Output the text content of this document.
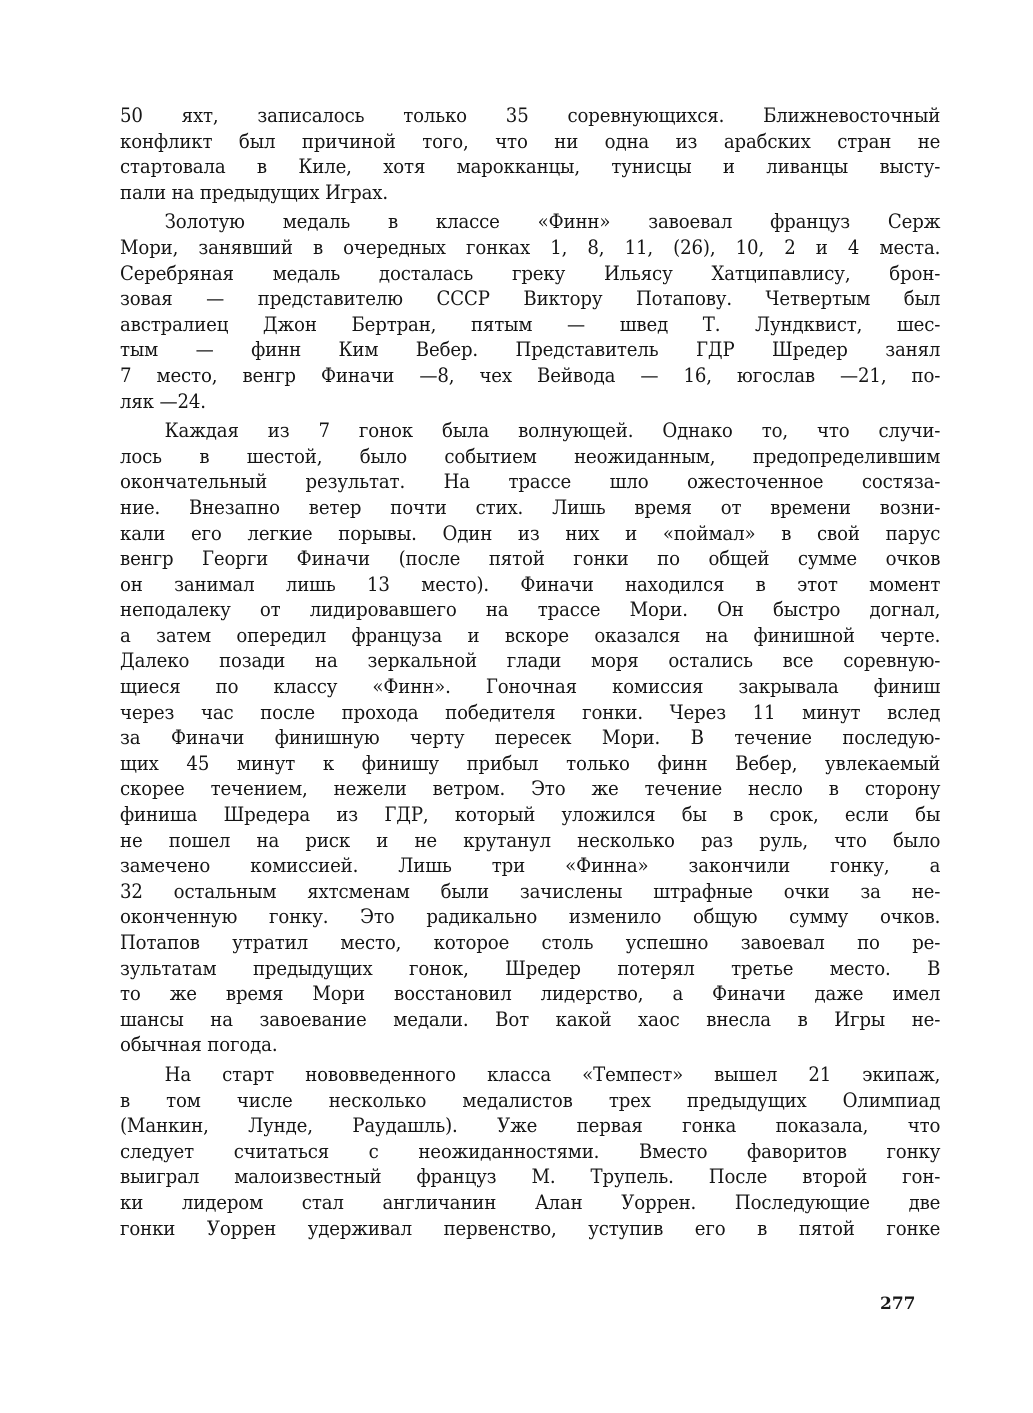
50 яхт, записалось только 35 соревнующихся. Ближневосточный
конфликт был причиной того, что ни одна из арабских стран не
стартовала в Киле, хотя марокканцы, тунисцы и ливанцы высту-
пали на предыдущих Играх.
Золотую медаль в классе «Финн» завоевал француз Серж
Мори, занявший в очередных гонках 1, 8, 11, (26), 10, 2 и 4 места.
Серебряная медаль досталась греку Ильясу Хатципавлису, брон-
зовая — представителю СССР Виктору Потапову. Четвертым был
австралиец Джон Бертран, пятым — швед Т. Лундквист, шес-
тым — финн Ким Вебер. Представитель ГДР Шредер занял
7 место, венгр Финачи —8, чех Вейвода — 16, югослав —21, по-
ляк —24.
Каждая из 7 гонок была волнующей. Однако то, что случи-
лось в шестой, было событием неожиданным, предопределившим
окончательный результат. На трассе шло ожесточенное состяза-
ние. Внезапно ветер почти стих. Лишь время от времени возни-
кали его легкие порывы. Один из них и «поймал» в свой парус
венгр Георги Финачи (после пятой гонки по общей сумме очков
он занимал лишь 13 место). Финачи находился в этот момент
неподалеку от лидировавшего на трассе Мори. Он быстро догнал,
а затем опередил француза и вскоре оказался на финишной черте.
Далеко позади на зеркальной глади моря остались все соревную-
щиеся по классу «Финн». Гоночная комиссия закрывала финиш
через час после прохода победителя гонки. Через 11 минут вслед
за Финачи финишную черту пересек Мори. В течение последую-
щих 45 минут к финишу прибыл только финн Вебер, увлекаемый
скорее течением, нежели ветром. Это же течение несло в сторону
финиша Шредера из ГДР, который уложился бы в срок, если бы
не пошел на риск и не крутанул несколько раз руль, что было
замечено комиссией. Лишь три «Финна» закончили гонку, а
32 остальным яхтсменам были зачислены штрафные очки за не-
оконченную гонку. Это радикально изменило общую сумму очков.
Потапов утратил место, которое столь успешно завоевал по ре-
зультатам предыдущих гонок, Шредер потерял третье место. В
то же время Мори восстановил лидерство, а Финачи даже имел
шансы на завоевание медали. Вот какой хаос внесла в Игры не-
обычная погода.
На старт нововведенного класса «Темпест» вышел 21 экипаж,
в том числе несколько медалистов трех предыдущих Олимпиад
(Манкин, Лунде, Раудашль). Уже первая гонка показала, что
следует считаться с неожиданностями. Вместо фаворитов гонку
выиграл малоизвестный француз М. Трупель. После второй гон-
ки лидером стал англичанин Алан Уоррен. Последующие две
гонки Уоррен удерживал первенство, уступив его в пятой гонке
277
